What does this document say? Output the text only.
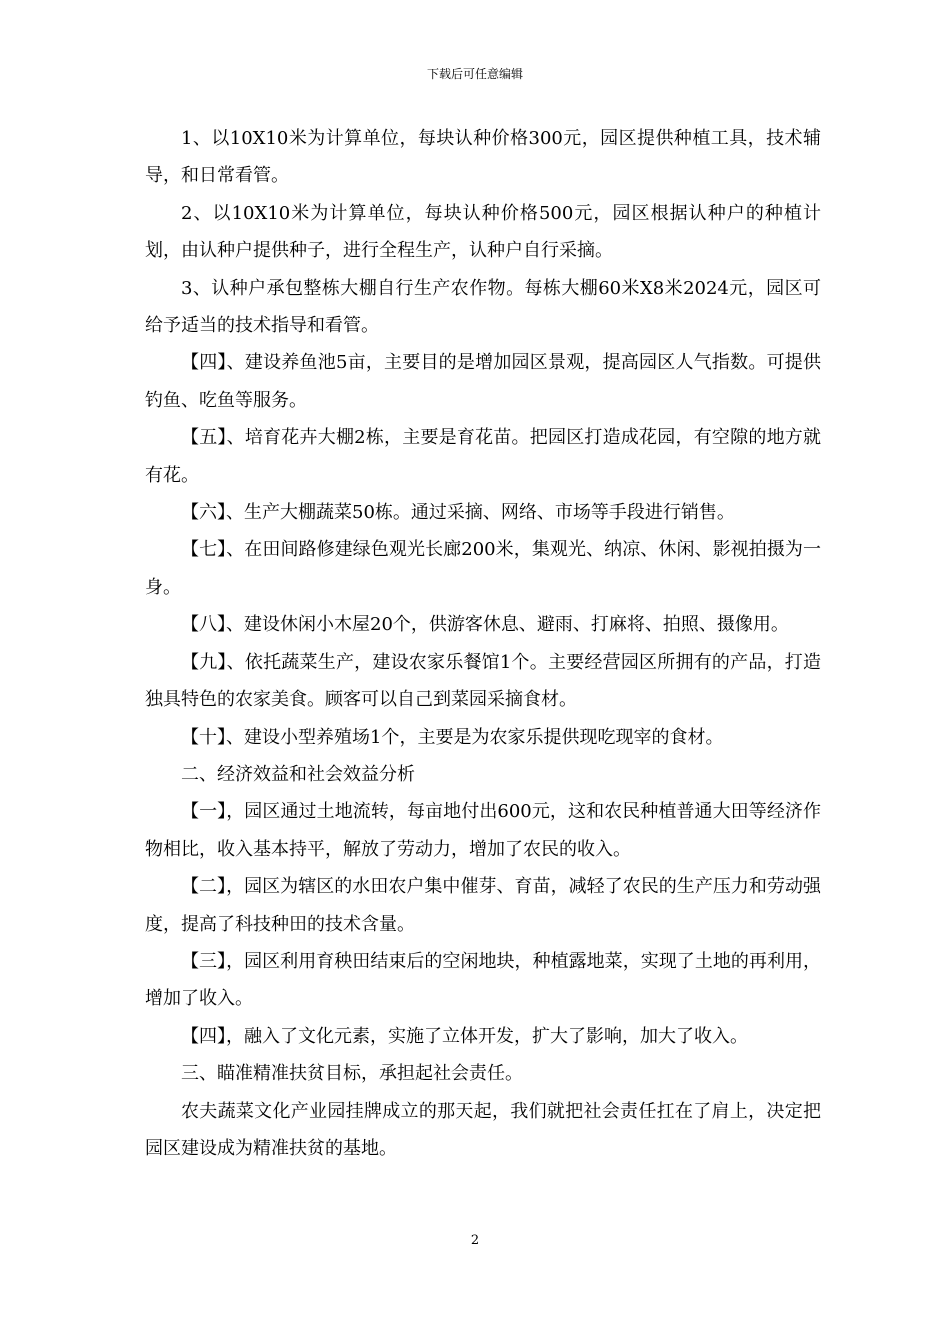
下载后可任意编辑

1、以10X10米为计算单位，每块认种价格300元，园区提供种植工具，技术辅导，和日常看管。

2、以10X10米为计算单位，每块认种价格500元，园区根据认种户的种植计划，由认种户提供种子，进行全程生产，认种户自行采摘。

3、认种户承包整栋大棚自行生产农作物。每栋大棚60米X8米2024元，园区可给予适当的技术指导和看管。

【四】、建设养鱼池5亩，主要目的是增加园区景观，提高园区人气指数。可提供钓鱼、吃鱼等服务。

【五】、培育花卉大棚2栋，主要是育花苗。把园区打造成花园，有空隙的地方就有花。

【六】、生产大棚蔬菜50栋。通过采摘、网络、市场等手段进行销售。

【七】、在田间路修建绿色观光长廊200米，集观光、纳凉、休闲、影视拍摄为一身。

【八】、建设休闲小木屋20个，供游客休息、避雨、打麻将、拍照、摄像用。

【九】、依托蔬菜生产，建设农家乐餐馆1个。主要经营园区所拥有的产品，打造独具特色的农家美食。顾客可以自己到菜园采摘食材。

【十】、建设小型养殖场1个，主要是为农家乐提供现吃现宰的食材。

二、经济效益和社会效益分析

【一】，园区通过土地流转，每亩地付出600元，这和农民种植普通大田等经济作物相比，收入基本持平，解放了劳动力，增加了农民的收入。

【二】，园区为辖区的水田农户集中催芽、育苗，减轻了农民的生产压力和劳动强度，提高了科技种田的技术含量。

【三】，园区利用育秧田结束后的空闲地块，种植露地菜，实现了土地的再利用，增加了收入。

【四】，融入了文化元素，实施了立体开发，扩大了影响，加大了收入。

三、瞄准精准扶贫目标，承担起社会责任。

农夫蔬菜文化产业园挂牌成立的那天起，我们就把社会责任扛在了肩上，决定把园区建设成为精准扶贫的基地。

2
